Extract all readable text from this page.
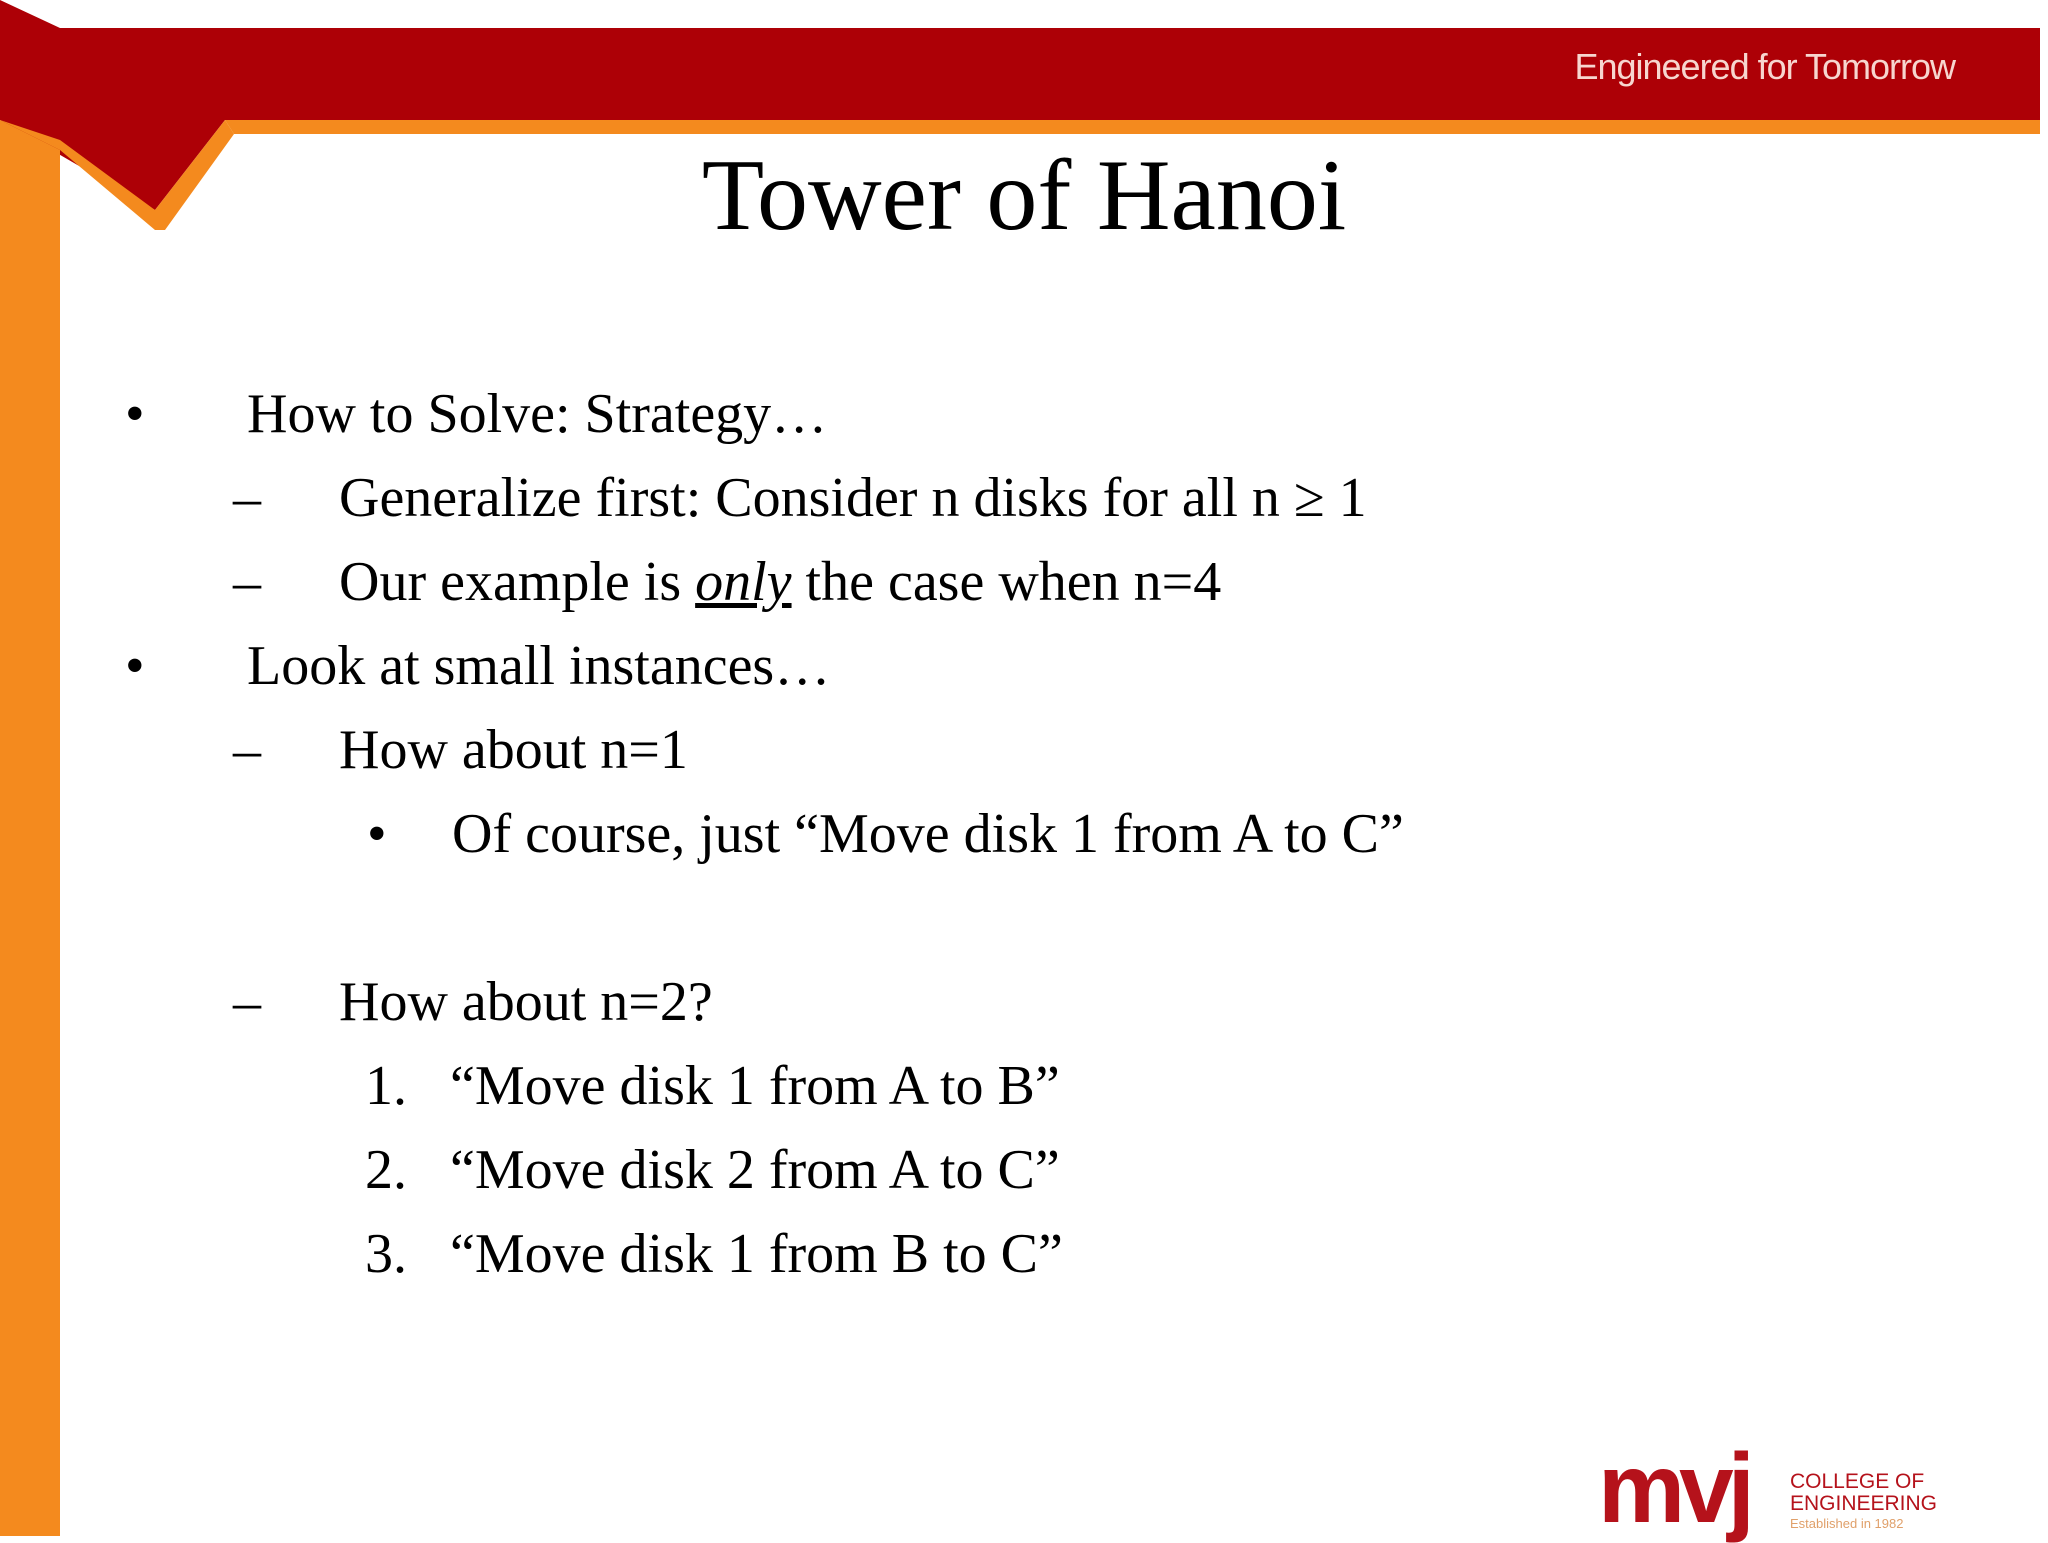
Engineered for Tomorrow
Tower of Hanoi
• How to Solve: Strategy…
– Generalize first: Consider n disks for all n ≥ 1
– Our example is only the case when n=4
• Look at small instances…
– How about n=1
• Of course, just “Move disk 1 from A to C”
– How about n=2?
1. “Move disk 1 from A to B”
2. “Move disk 2 from A to C”
3. “Move disk 1 from B to C”
mvj COLLEGE OF
ENGINEERING
Established in 1982
